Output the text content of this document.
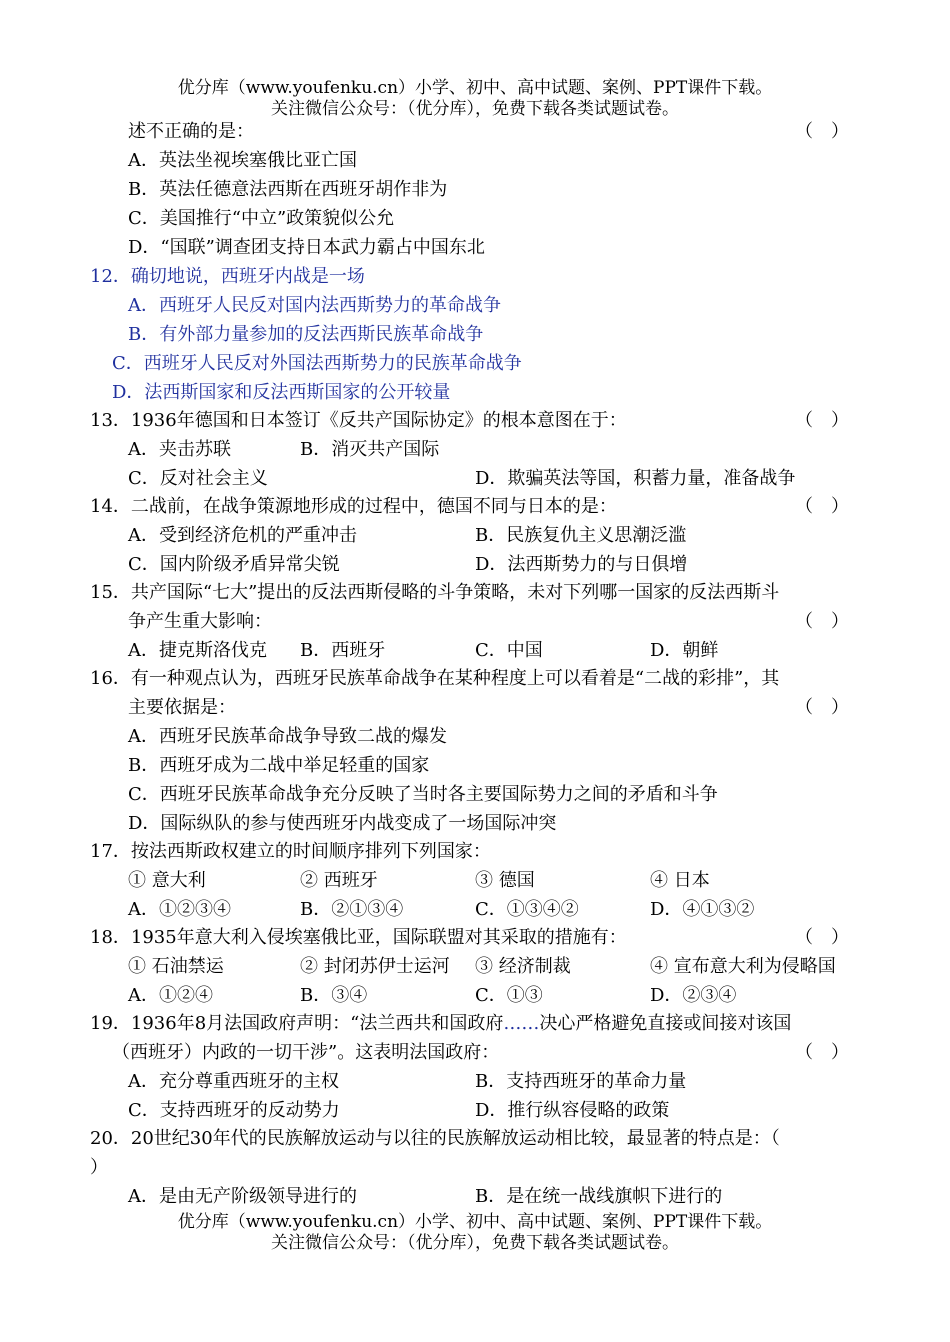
优分库（www.youfenku.cn）小学、初中、高中试题、案例、PPT课件下载。
关注微信公众号：（优分库），免费下载各类试题试卷。
述不正确的是：	（　）
A．英法坐视埃塞俄比亚亡国
B．英法任德意法西斯在西班牙胡作非为
C．美国推行“中立”政策貌似公允
D．“国联”调查团支持日本武力霸占中国东北
12．确切地说，西班牙内战是一场
A．西班牙人民反对国内法西斯势力的革命战争
B．有外部力量参加的反法西斯民族革命战争
C．西班牙人民反对外国法西斯势力的民族革命战争
D．法西斯国家和反法西斯国家的公开较量
13．1936年德国和日本签订《反共产国际协定》的根本意图在于：	（　）
A．夹击苏联	B．消灭共产国际
C．反对社会主义	D．欺骗英法等国，积蓄力量，准备战争
14．二战前，在战争策源地形成的过程中，德国不同与日本的是：	（　）
A．受到经济危机的严重冲击	B．民族复仇主义思潮泛滥
C．国内阶级矛盾异常尖锐	D．法西斯势力的与日俱增
15．共产国际“七大”提出的反法西斯侵略的斗争策略，未对下列哪一国家的反法西斯斗
争产生重大影响：	（　）
A．捷克斯洛伐克 B．西班牙	C．中国	D．朝鲜
16．有一种观点认为，西班牙民族革命战争在某种程度上可以看着是“二战的彩排”，其
主要依据是：	（　）
A．西班牙民族革命战争导致二战的爆发
B．西班牙成为二战中举足轻重的国家
C．西班牙民族革命战争充分反映了当时各主要国际势力之间的矛盾和斗争
D．国际纵队的参与使西班牙内战变成了一场国际冲突
17．按法西斯政权建立的时间顺序排列下列国家：
① 意大利	② 西班牙	③ 德国	④ 日本
A．①②③④	B．②①③④	C．①③④②	D．④①③②
18．1935年意大利入侵埃塞俄比亚，国际联盟对其采取的措施有：	（　）
① 石油禁运	② 封闭苏伊士运河 ③ 经济制裁	④ 宣布意大利为侵略国
A．①②④	B．③④	C．①③	D．②③④
19．1936年8月法国政府声明：“法兰西共和国政府……决心严格避免直接或间接对该国
（西班牙）内政的一切干涉”。这表明法国政府：	（　）
A．充分尊重西班牙的主权	B．支持西班牙的革命力量
C．支持西班牙的反动势力	D．推行纵容侵略的政策
20．20世纪30年代的民族解放运动与以往的民族解放运动相比较，最显著的特点是：（
）
A．是由无产阶级领导进行的	B．是在统一战线旗帜下进行的
优分库（www.youfenku.cn）小学、初中、高中试题、案例、PPT课件下载。
关注微信公众号：（优分库），免费下载各类试题试卷。
